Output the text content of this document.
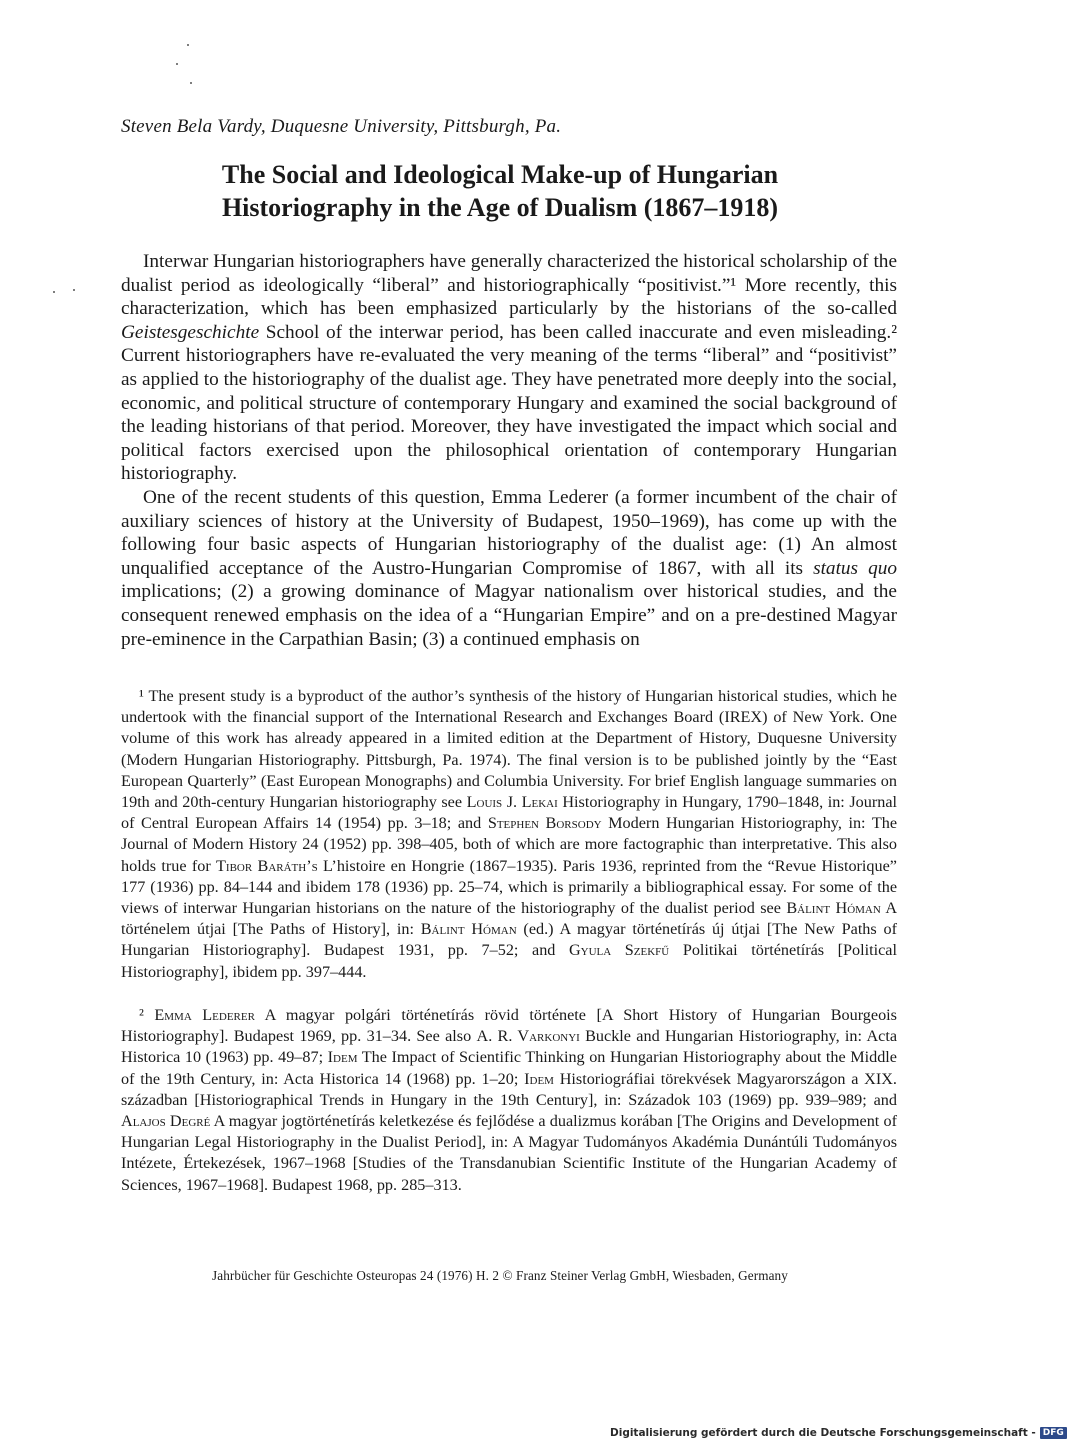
Steven Bela Vardy, Duquesne University, Pittsburgh, Pa.
The Social and Ideological Make-up of Hungarian
Historiography in the Age of Dualism (1867–1918)

Interwar Hungarian historiographers have generally characterized the historical scholarship of the dualist period as ideologically “liberal” and historiographically “positivist.”¹ More recently, this characterization, which has been emphasized particularly by the historians of the so-called Geistesgeschichte School of the interwar period, has been called inaccurate and even misleading.² Current historiographers have re-evaluated the very meaning of the terms “liberal” and “positivist” as applied to the historiography of the dualist age. They have penetrated more deeply into the social, economic, and political structure of contemporary Hungary and examined the social background of the leading historians of that period. Moreover, they have investigated the impact which social and political factors exercised upon the philosophical orientation of contemporary Hungarian historiography.

One of the recent students of this question, Emma Lederer (a former incumbent of the chair of auxiliary sciences of history at the University of Budapest, 1950–1969), has come up with the following four basic aspects of Hungarian historiography of the dualist age: (1) An almost unqualified acceptance of the Austro-Hungarian Compromise of 1867, with all its status quo implications; (2) a growing dominance of Magyar nationalism over historical studies, and the consequent renewed emphasis on the idea of a “Hungarian Empire” and on a pre-destined Magyar pre-eminence in the Carpathian Basin; (3) a continued emphasis on

¹ The present study is a byproduct of the author’s synthesis of the history of Hungarian historical studies, which he undertook with the financial support of the International Research and Exchanges Board (IREX) of New York. One volume of this work has already appeared in a limited edition at the Department of History, Duquesne University (Modern Hungarian Historiography. Pittsburgh, Pa. 1974). The final version is to be published jointly by the “East European Quarterly” (East European Monographs) and Columbia University. For brief English language summaries on 19th and 20th-century Hungarian historiography see Louis J. Lekai Historiography in Hungary, 1790–1848, in: Journal of Central European Affairs 14 (1954) pp. 3–18; and Stephen Borsody Modern Hungarian Historiography, in: The Journal of Modern History 24 (1952) pp. 398–405, both of which are more factographic than interpretative. This also holds true for Tibor Baráth’s L’histoire en Hongrie (1867–1935). Paris 1936, reprinted from the “Revue Historique” 177 (1936) pp. 84–144 and ibidem 178 (1936) pp. 25–74, which is primarily a bibliographical essay. For some of the views of interwar Hungarian historians on the nature of the historiography of the dualist period see Bálint Hóman A történelem útjai [The Paths of History], in: Bálint Hóman (ed.) A magyar történetírás új útjai [The New Paths of Hungarian Historiography]. Budapest 1931, pp. 7–52; and Gyula Szekfű Politikai történetírás [Political Historiography], ibidem pp. 397–444.

² Emma Lederer A magyar polgári történetírás rövid története [A Short History of Hungarian Bourgeois Historiography]. Budapest 1969, pp. 31–34. See also A. R. Varkonyi Buckle and Hungarian Historiography, in: Acta Historica 10 (1963) pp. 49–87; Idem The Impact of Scientific Thinking on Hungarian Historiography about the Middle of the 19th Century, in: Acta Historica 14 (1968) pp. 1–20; Idem Historiográfiai törekvések Magyarországon a XIX. században [Historiographical Trends in Hungary in the 19th Century], in: Századok 103 (1969) pp. 939–989; and Alajos Degré A magyar jogtörténetírás keletkezése és fejlődése a dualizmus korában [The Origins and Development of Hungarian Legal Historiography in the Dualist Period], in: A Magyar Tudományos Akadémia Dunántúli Tudományos Intézete, Értekezések, 1967–1968 [Studies of the Transdanubian Scientific Institute of the Hungarian Academy of Sciences, 1967–1968]. Budapest 1968, pp. 285–313.

Jahrbücher für Geschichte Osteuropas 24 (1976) H. 2 © Franz Steiner Verlag GmbH, Wiesbaden, Germany
Digitalisierung gefördert durch die Deutsche Forschungsgemeinschaft - DFG
